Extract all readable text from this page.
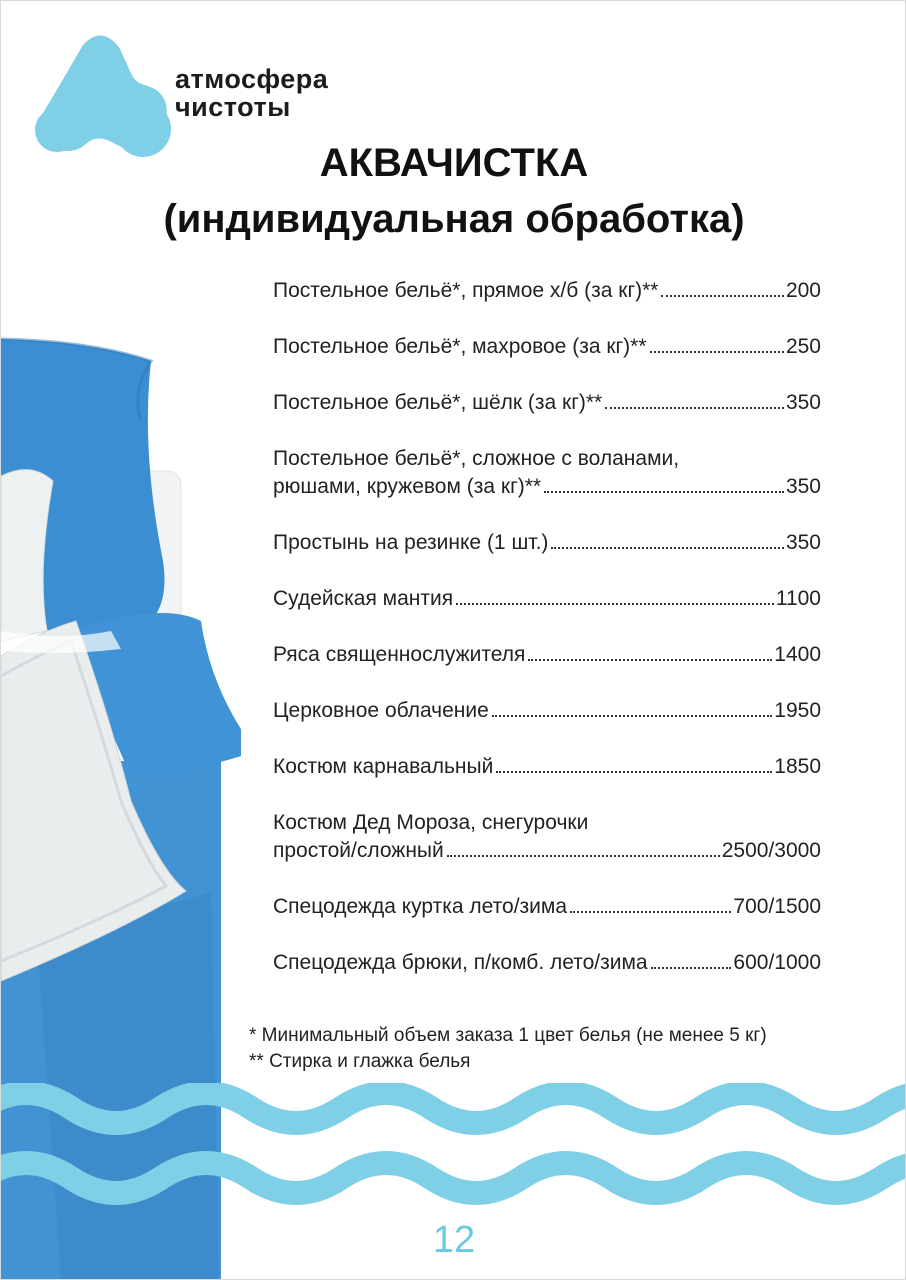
атмосфера
чистоты
АКВАЧИСТКА
(индивидуальная обработка)
Постельное бельё*, прямое х/б (за кг)**	200
Постельное бельё*, махровое (за кг)**	250
Постельное бельё*, шёлк (за кг)**	350
Постельное бельё*, сложное с воланами,
рюшами, кружевом (за кг)**	350
Простынь на резинке (1 шт.)	350
Судейская мантия	1100
Ряса священнослужителя	1400
Церковное облачение	1950
Костюм карнавальный	1850
Костюм Дед Мороза, снегурочки
простой/сложный	2500/3000
Спецодежда куртка лето/зима	700/1500
Спецодежда брюки, п/комб. лето/зима	600/1000
* Минимальный объем заказа 1 цвет белья (не менее 5 кг)
** Стирка и глажка белья
12
